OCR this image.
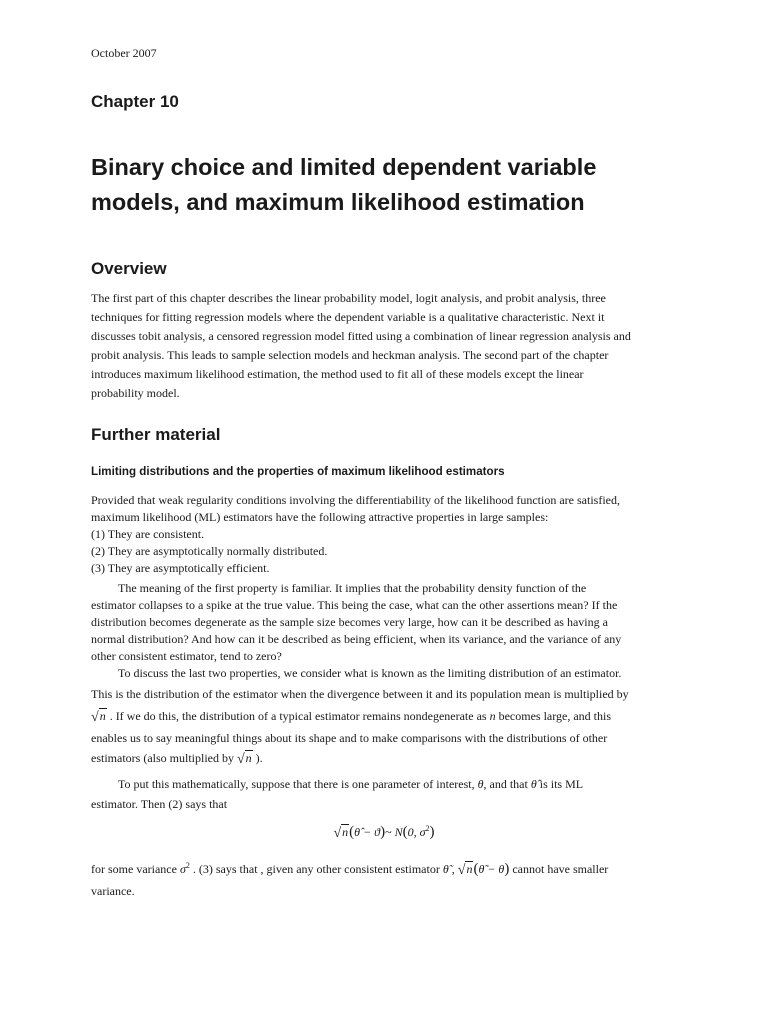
October 2007
Chapter 10
Binary choice and limited dependent variable
models, and maximum likelihood estimation
Overview
The first part of this chapter describes the linear probability model, logit analysis, and probit analysis, three
techniques for fitting regression models where the dependent variable is a qualitative characteristic. Next it
discusses tobit analysis, a censored regression model fitted using a combination of linear regression analysis and
probit analysis. This leads to sample selection models and heckman analysis. The second part of the chapter
introduces maximum likelihood estimation, the method used to fit all of these models except the linear
probability model.
Further material
Limiting distributions and the properties of maximum likelihood estimators
Provided that weak regularity conditions involving the differentiability of the likelihood function are satisfied,
maximum likelihood (ML) estimators have the following attractive properties in large samples:
(1) They are consistent.
(2) They are asymptotically normally distributed.
(3) They are asymptotically efficient.
The meaning of the first property is familiar. It implies that the probability density function of the
estimator collapses to a spike at the true value. This being the case, what can the other assertions mean? If the
distribution becomes degenerate as the sample size becomes very large, how can it be described as having a
normal distribution? And how can it be described as being efficient, when its variance, and the variance of any
other consistent estimator, tend to zero?
To discuss the last two properties, we consider what is known as the limiting distribution of an estimator.
This is the distribution of the estimator when the divergence between it and its population mean is multiplied by
√n . If we do this, the distribution of a typical estimator remains nondegenerate as n becomes large, and this
enables us to say meaningful things about its shape and to make comparisons with the distributions of other
estimators (also multiplied by √n ).
To put this mathematically, suppose that there is one parameter of interest, θ, and that θ̂ is its ML
estimator. Then (2) says that
√n(θ̂ − ϑ)~ N(0, $\sigma^2$)
for some variance $\sigma^2$ . (3) says that , given any other consistent estimator θ̃ , √n(θ̃ − θ) cannot have smaller
variance.
